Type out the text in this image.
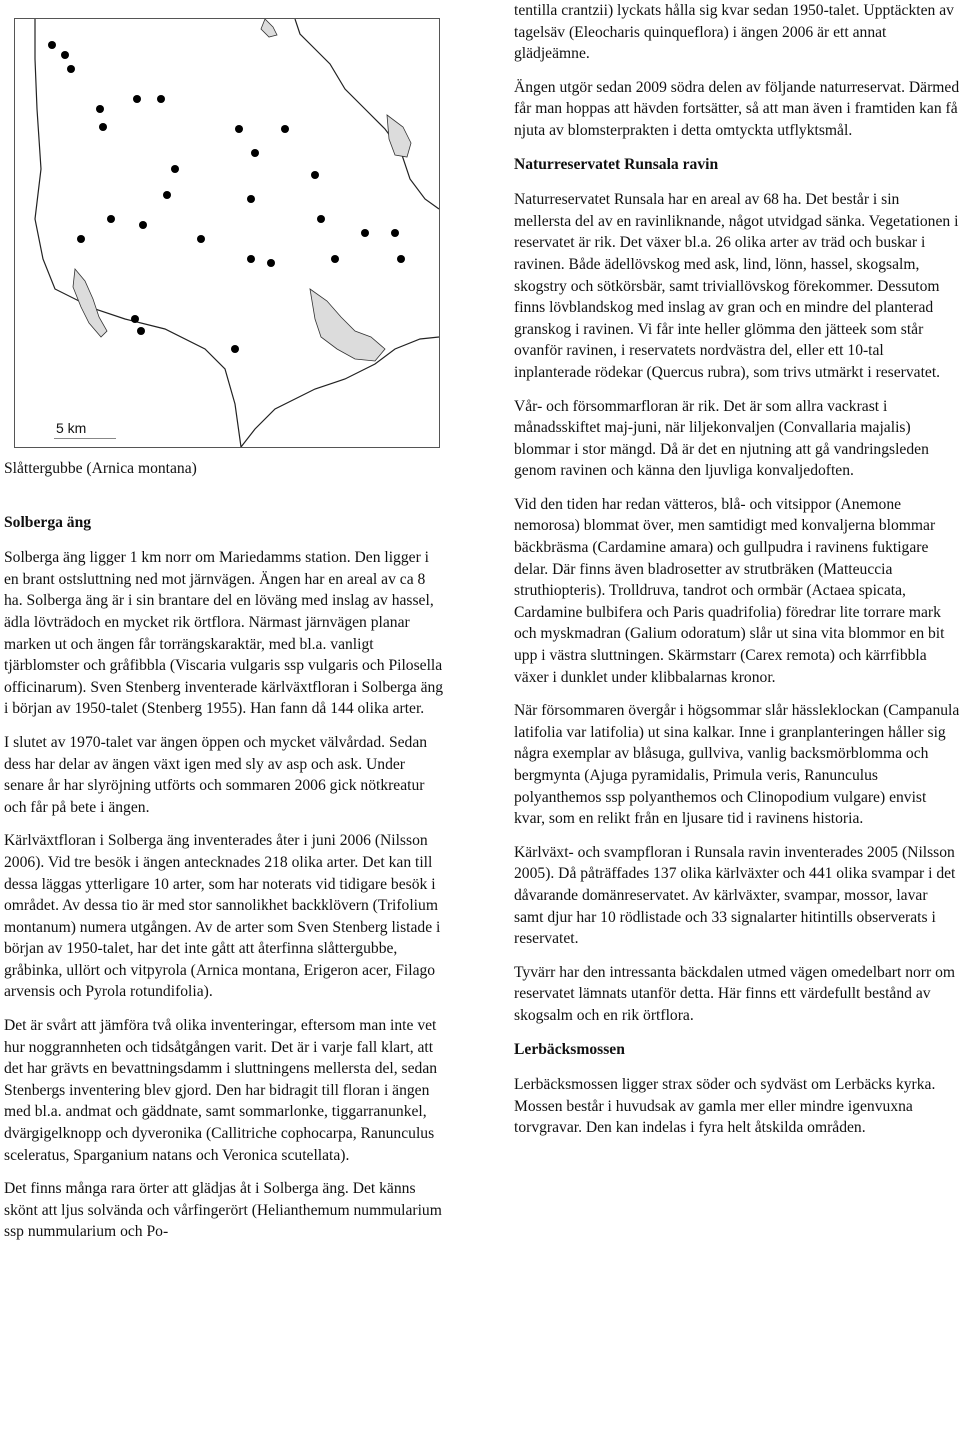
5 km

Slåttergubbe (Arnica montana)

Solberga äng

Solberga äng ligger 1 km norr om Mariedamms station. Den ligger i en brant ostsluttning ned mot järnvägen. Ängen har en areal av ca 8 ha. Solberga äng är i sin brantare del en löväng med inslag av hassel, ädla lövträdoch en mycket rik örtflora. Närmast järnvägen planar marken ut och ängen får torrängskaraktär, med bl.a. vanligt tjärblomster och gråfibbla (Viscaria vulgaris ssp vulgaris och Pilosella officinarum). Sven Stenberg inventerade kärlväxtfloran i Solberga äng i början av 1950-talet (Stenberg 1955). Han fann då 144 olika arter.

I slutet av 1970-talet var ängen öppen och mycket välvårdad. Sedan dess har delar av ängen växt igen med sly av asp och ask. Under senare år har slyröjning utförts och sommaren 2006 gick nötkreatur och får på bete i ängen.

Kärlväxtfloran i Solberga äng inventerades åter i juni 2006 (Nilsson 2006). Vid tre besök i ängen antecknades 218 olika arter. Det kan till dessa läggas ytterligare 10 arter, som har noterats vid tidigare besök i området. Av dessa tio är med stor sannolikhet backklövern (Trifolium montanum) numera utgången. Av de arter som Sven Stenberg listade i början av 1950-talet, har det inte gått att återfinna slåttergubbe, gråbinka, ullört och vitpyrola (Arnica montana, Erigeron acer, Filago arvensis och Pyrola rotundifolia).

Det är svårt att jämföra två olika inventeringar, eftersom man inte vet hur noggrannheten och tidsåtgången varit. Det är i varje fall klart, att det har grävts en bevattningsdamm i sluttningens mellersta del, sedan Stenbergs inventering blev gjord. Den har bidragit till floran i ängen med bl.a. andmat och gäddnate, samt sommarlonke, tiggarranunkel, dvärgigelknopp och dyveronika (Callitriche cophocarpa, Ranunculus sceleratus, Sparganium natans och Veronica scutellata).

Det finns många rara örter att glädjas åt i Solberga äng. Det känns skönt att ljus solvända och vårfingerört (Helianthemum nummularium ssp nummularium och Po-

tentilla crantzii) lyckats hålla sig kvar sedan 1950-talet. Upptäckten av tagelsäv (Eleocharis quinqueflora) i ängen 2006 är ett annat glädjeämne.

Ängen utgör sedan 2009 södra delen av följande naturreservat. Därmed får man hoppas att hävden fortsätter, så att man även i framtiden kan få njuta av blomsterprakten i detta omtyckta utflyktsmål.

Naturreservatet Runsala ravin

Naturreservatet Runsala har en areal av 68 ha. Det består i sin mellersta del av en ravinliknande, något utvidgad sänka. Vegetationen i reservatet är rik. Det växer bl.a. 26 olika arter av träd och buskar i ravinen. Både ädellövskog med ask, lind, lönn, hassel, skogsalm, skogstry och sötkörsbär, samt triviallövskog förekommer. Dessutom finns lövblandskog med inslag av gran och en mindre del planterad granskog i ravinen. Vi får inte heller glömma den jätteek som står ovanför ravinen, i reservatets nordvästra del, eller ett 10-tal inplanterade rödekar (Quercus rubra), som trivs utmärkt i reservatet.

Vår- och försommarfloran är rik. Det är som allra vackrast i månadsskiftet maj-juni, när liljekonvaljen (Convallaria majalis) blommar i stor mängd. Då är det en njutning att gå vandringsleden genom ravinen och känna den ljuvliga konvaljedoften.

Vid den tiden har redan vätteros, blå- och vitsippor (Anemone nemorosa) blommat över, men samtidigt med konvaljerna blommar bäckbräsma (Cardamine amara) och gullpudra i ravinens fuktigare delar. Där finns även bladrosetter av strutbräken (Matteuccia struthiopteris). Trolldruva, tandrot och ormbär (Actaea spicata, Cardamine bulbifera och Paris quadrifolia) föredrar lite torrare mark och myskmadran (Galium odoratum) slår ut sina vita blommor en bit upp i västra sluttningen. Skärmstarr (Carex remota) och kärrfibbla växer i dunklet under klibbalarnas kronor.

När försommaren övergår i högsommar slår hässleklockan (Campanula latifolia var latifolia) ut sina kalkar. Inne i granplanteringen håller sig några exemplar av blåsuga, gullviva, vanlig backsmörblomma och bergmynta (Ajuga pyramidalis, Primula veris, Ranunculus polyanthemos ssp polyanthemos och Clinopodium vulgare) envist kvar, som en relikt från en ljusare tid i ravinens historia.

Kärlväxt- och svampfloran i Runsala ravin inventerades 2005 (Nilsson 2005). Då påträffades 137 olika kärlväxter och 441 olika svampar i det dåvarande domänreservatet. Av kärlväxter, svampar, mossor, lavar samt djur har 10 rödlistade och 33 signalarter hitintills observerats i reservatet.

Tyvärr har den intressanta bäckdalen utmed vägen omedelbart norr om reservatet lämnats utanför detta. Här finns ett värdefullt bestånd av skogsalm och en rik örtflora.

Lerbäcksmossen

Lerbäcksmossen ligger strax söder och sydväst om Lerbäcks kyrka. Mossen består i huvudsak av gamla mer eller mindre igenvuxna torvgravar. Den kan indelas i fyra helt åtskilda områden.
